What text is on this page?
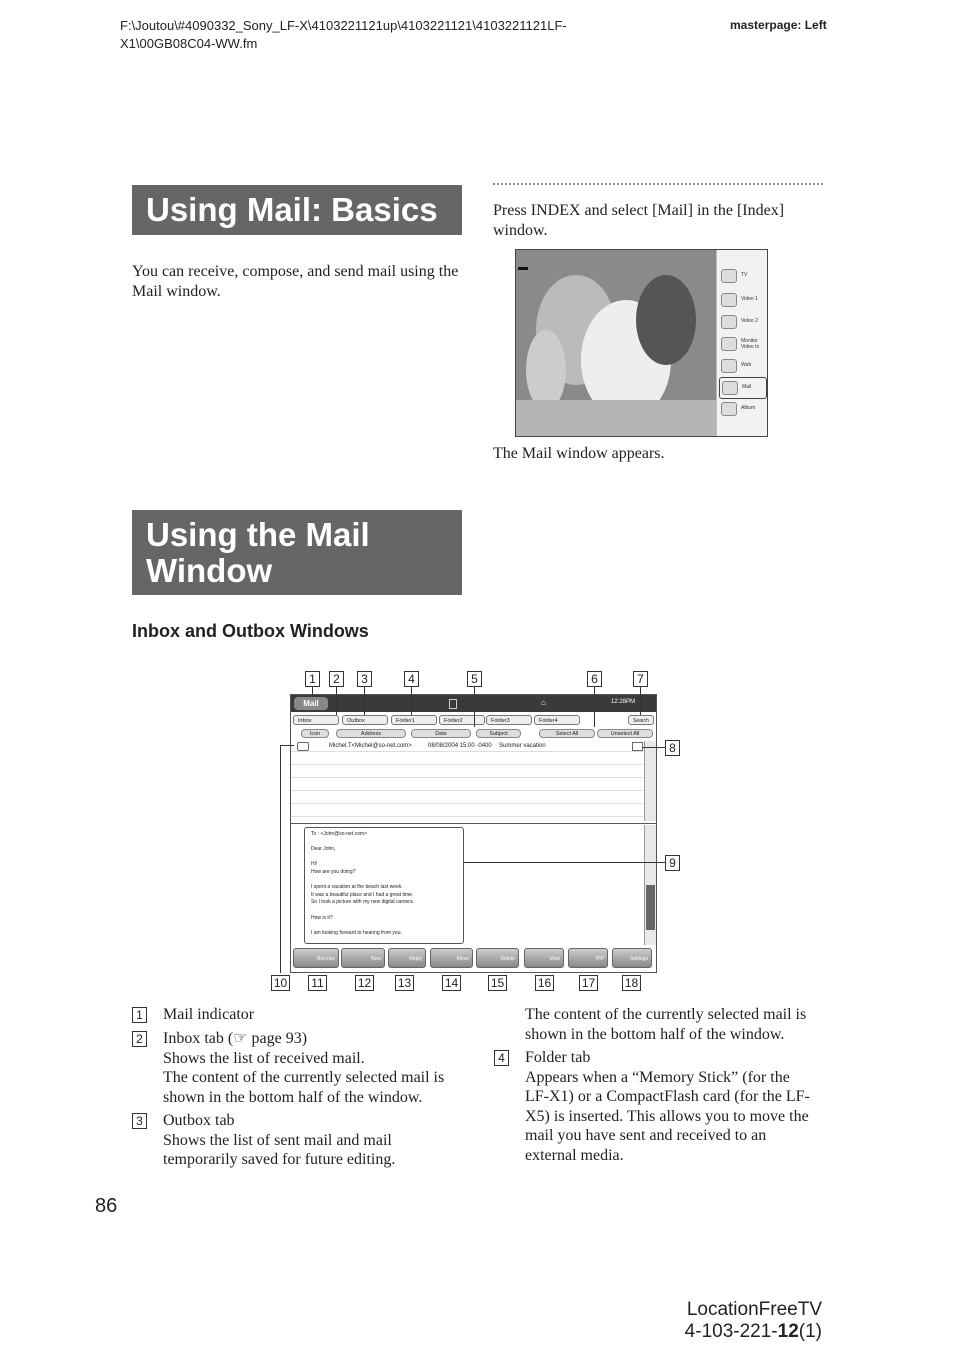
F:\Joutou\#4090332_Sony_LF-X\4103221121up\4103221121\4103221121LF-X1\00GB08C04-WW.fm
masterpage: Left
Using Mail: Basics
You can receive, compose, and send mail using the Mail window.
Press INDEX and select [Mail] in the [Index] window.
TV
Video 1
Video 2
Monitor Video In
Web
Mail
Album
The Mail window appears.
Using the Mail Window
Inbox and Outbox Windows
Mail	⌂	12:28PM
Inbox	Outbox	Folder1	Folder2	Folder3	Folder4	Search
Icon	Address	Date	Subject	Select All	Unselect All
Michel.T<Michel@so-net.com>	08/08/2004 15:00 -0400 Summer vacation
To : <John@so-net.com>
Dear John,
Hi!
How are you doing?
I spent a vacation at the beach last week.
It was a beautiful place and I had a great time.
So I took a picture with my new digital camera.
How is it?
I am looking forward to hearing from you.
Receive	New	Reply	Move	Delete	View	PIP	Settings
1	2	3	4	5	6	7
8
9
10 11	12 13	14	15	16	17 18
1 Mail indicator
2 Inbox tab (☞ page 93)
Shows the list of received mail.
The content of the currently selected mail is
shown in the bottom half of the window.
3 Outbox tab
Shows the list of sent mail and mail
temporarily saved for future editing.
The content of the currently selected mail is
shown in the bottom half of the window.
4 Folder tab
Appears when a “Memory Stick” (for the
LF-X1) or a CompactFlash card (for the LF-
X5) is inserted. This allows you to move the
mail you have sent and received to an
external media.
86
LocationFreeTV
4-103-221-12(1)
